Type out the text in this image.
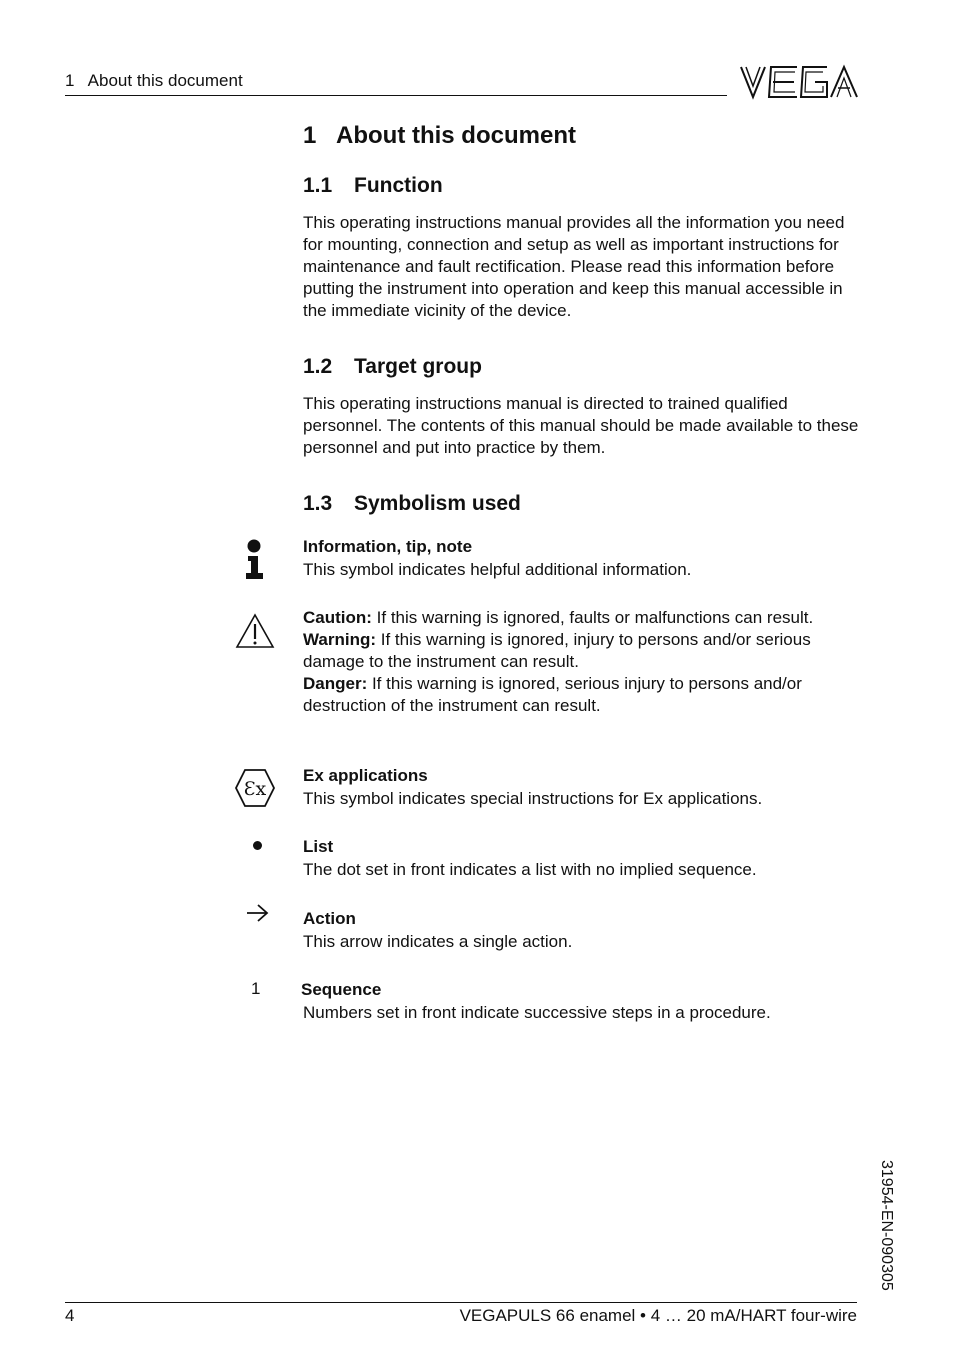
1   About this document
1 About this document
1.1 Function

This operating instructions manual provides all the information you need for mounting, connection and setup as well as important instructions for maintenance and fault rectification. Please read this information before putting the instrument into operation and keep this manual accessible in the immediate vicinity of the device.

1.2 Target group

This operating instructions manual is directed to trained qualified personnel. The contents of this manual should be made available to these personnel and put into practice by them.

1.3 Symbolism used
Information, tip, note
This symbol indicates helpful additional information.
Caution: If this warning is ignored, faults or malfunctions can result.
Warning: If this warning is ignored, injury to persons and/or serious damage to the instrument can result.
Danger: If this warning is ignored, serious injury to persons and/or destruction of the instrument can result.
Ɛx
Ex applications
This symbol indicates special instructions for Ex applications.
List
The dot set in front indicates a list with no implied sequence.
Action
This arrow indicates a single action.
1 Sequence
Numbers set in front indicate successive steps in a procedure.
31954-EN-090305
4	VEGAPULS 66 enamel • 4 … 20 mA/HART four-wire
